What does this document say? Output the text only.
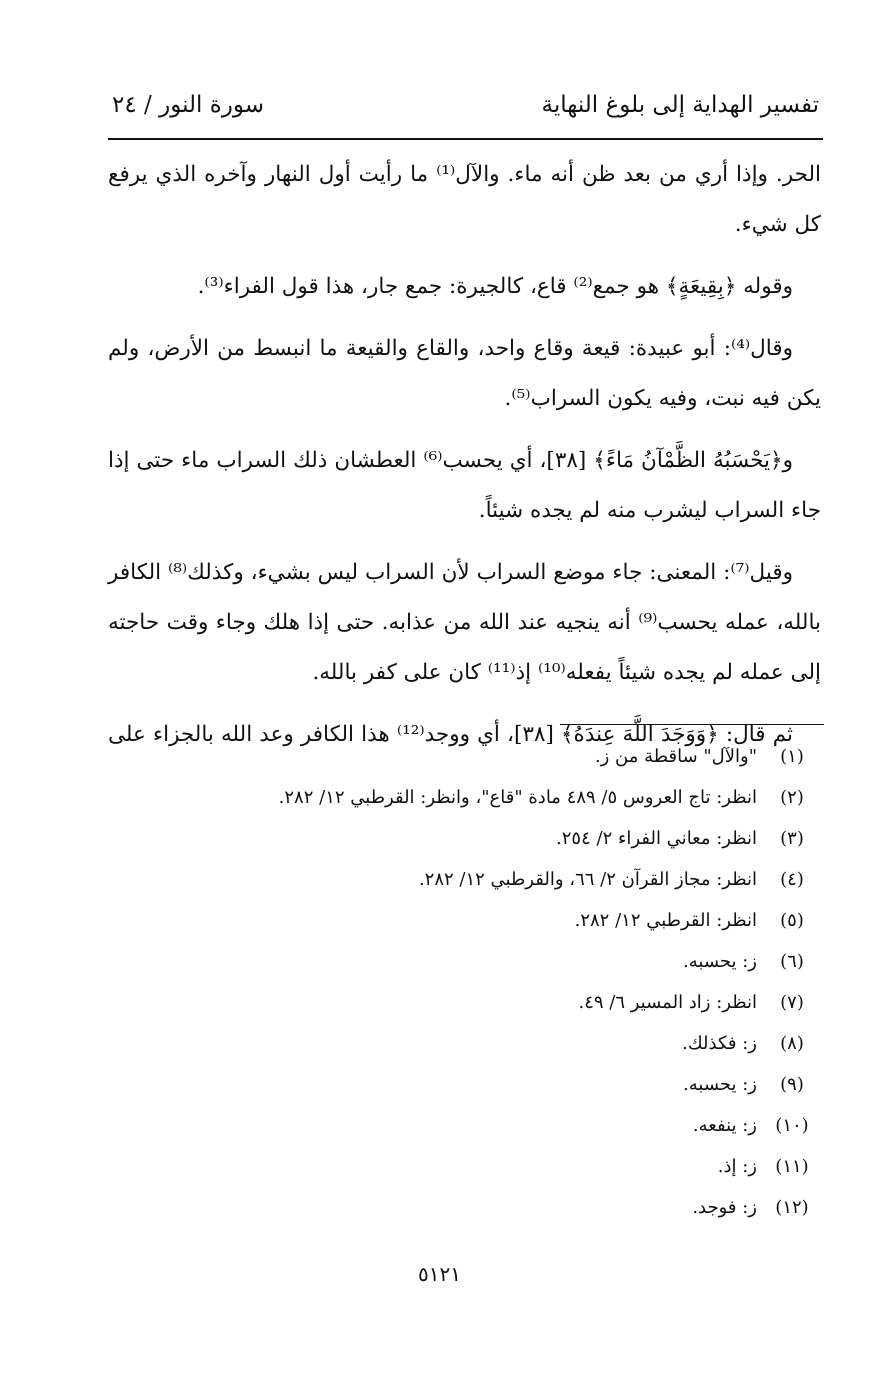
تفسير الهداية إلى بلوغ النهاية
سورة النور / ٢٤

الحر. وإذا أري من بعد ظن أنه ماء. والآل⁽¹⁾ ما رأيت أول النهار وآخره الذي يرفع كل شيء.

وقوله ﴿بِقِيعَةٍ﴾ هو جمع⁽²⁾ قاع، كالجيرة: جمع جار، هذا قول الفراء⁽³⁾.

وقال⁽⁴⁾: أبو عبيدة: قيعة وقاع واحد، والقاع والقيعة ما انبسط من الأرض، ولم يكن فيه نبت، وفيه يكون السراب⁽⁵⁾.

و﴿يَحْسَبُهُ الظَّمْآنُ مَاءً﴾ [٣٨]، أي يحسب⁽⁶⁾ العطشان ذلك السراب ماء حتى إذا جاء السراب ليشرب منه لم يجده شيئاً.

وقيل⁽⁷⁾: المعنى: جاء موضع السراب لأن السراب ليس بشيء، وكذلك⁽⁸⁾ الكافر بالله، عمله يحسب⁽⁹⁾ أنه ينجيه عند الله من عذابه. حتى إذا هلك وجاء وقت حاجته إلى عمله لم يجده شيئاً يفعله⁽¹⁰⁾ إذ⁽¹¹⁾ كان على كفر بالله.

ثم قال: ﴿وَوَجَدَ اللَّهَ عِندَهُ﴾ [٣٨]، أي ووجد⁽¹²⁾ هذا الكافر وعد الله بالجزاء على

(١)
"والآل" ساقطة من ز.
(٢)
انظر: تاج العروس ٥/ ٤٨٩ مادة "قاع"، وانظر: القرطبي ١٢/ ٢٨٢.
(٣)
انظر: معاني الفراء ٢/ ٢٥٤.
(٤)
انظر: مجاز القرآن ٢/ ٦٦، والقرطبي ١٢/ ٢٨٢.
(٥)
انظر: القرطبي ١٢/ ٢٨٢.
(٦)
ز: يحسبه.
(٧)
انظر: زاد المسير ٦/ ٤٩.
(٨)
ز: فكذلك.
(٩)
ز: يحسبه.
(١٠)
ز: ينفعه.
(١١)
ز: إذ.
(١٢)
ز: فوجد.
٥١٢١
